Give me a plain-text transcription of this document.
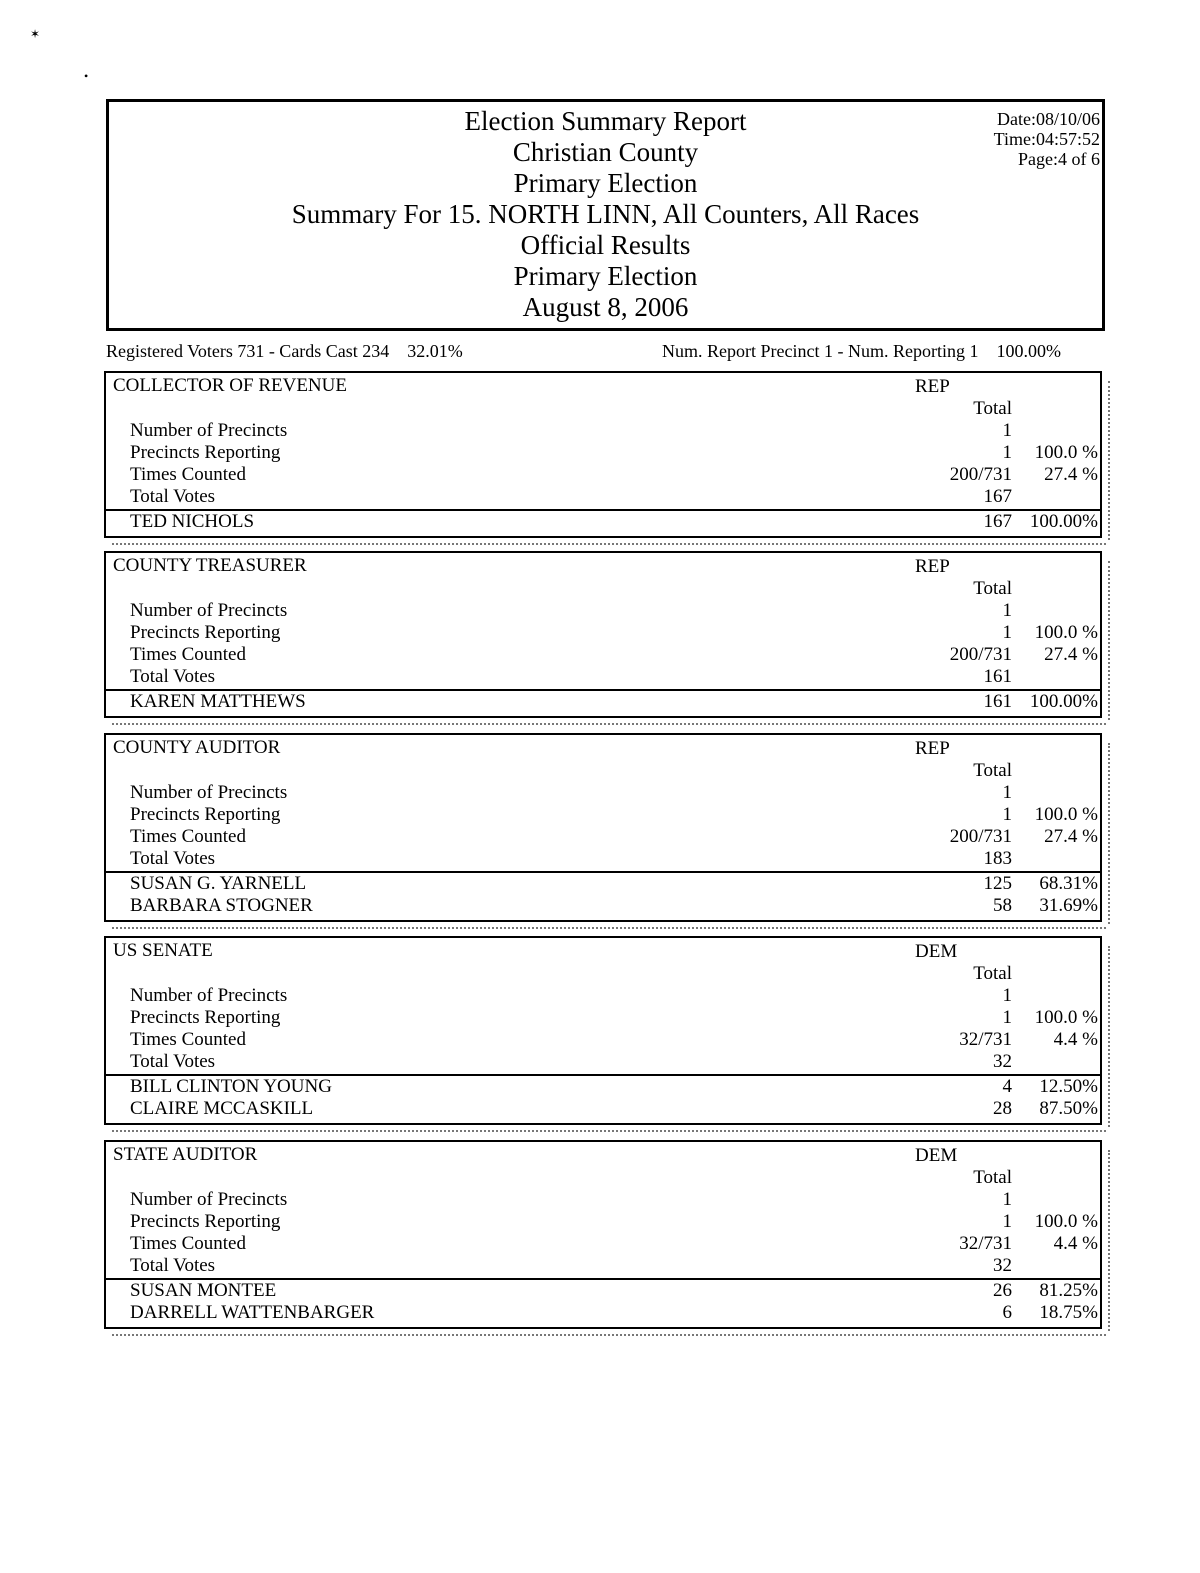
✶
•
Election Summary Report
Christian County
Primary Election
Summary For 15. NORTH LINN, All Counters, All Races
Official Results
Primary Election
August 8, 2006
Date:08/10/06
Time:04:57:52
Page:4 of 6
Registered Voters 731 - Cards Cast 234    32.01%	Num. Report Precinct 1 - Num. Reporting 1    100.00%
COLLECTOR OF REVENUE	REP
Total
Number of Precincts	1
Precincts Reporting	1 100.0 %
Times Counted	200/731 27.4 %
Total Votes	167
TED NICHOLS	167 100.00%
COUNTY TREASURER	REP
Total
Number of Precincts	1
Precincts Reporting	1 100.0 %
Times Counted	200/731 27.4 %
Total Votes	161
KAREN MATTHEWS	161 100.00%
COUNTY AUDITOR	REP
Total
Number of Precincts	1
Precincts Reporting	1 100.0 %
Times Counted	200/731 27.4 %
Total Votes	183
SUSAN G. YARNELL	125 68.31%
BARBARA STOGNER	58 31.69%
US SENATE	DEM
Total
Number of Precincts	1
Precincts Reporting	1 100.0 %
Times Counted	32/731 4.4 %
Total Votes	32
BILL CLINTON YOUNG	4 12.50%
CLAIRE MCCASKILL	28 87.50%
STATE AUDITOR	DEM
Total
Number of Precincts	1
Precincts Reporting	1 100.0 %
Times Counted	32/731 4.4 %
Total Votes	32
SUSAN MONTEE	26 81.25%
DARRELL WATTENBARGER	6 18.75%
